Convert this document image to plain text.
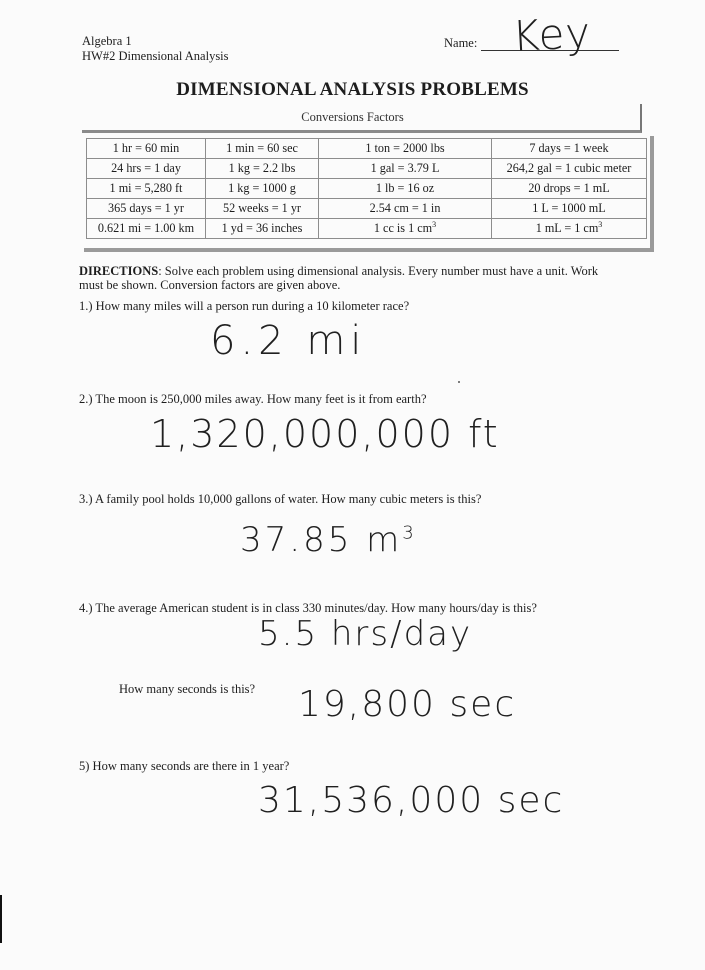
Algebra 1
HW#2 Dimensional Analysis
Name: Key
DIMENSIONAL ANALYSIS PROBLEMS
Conversions Factors
1 hr = 60 min	1 min = 60 sec	1 ton = 2000 lbs	7 days = 1 week
24 hrs = 1 day	1 kg = 2.2 lbs	1 gal = 3.79 L	264,2 gal = 1 cubic meter
1 mi = 5,280 ft	1 kg = 1000 g	1 lb = 16 oz	20 drops = 1 mL
365 days = 1 yr	52 weeks = 1 yr	2.54 cm = 1 in	1 L = 1000 mL
0.621 mi = 1.00 km	1 yd = 36 inches	1 cc is 1 $cm^3$	1 mL = 1 $cm^3$
DIRECTIONS: Solve each problem using dimensional analysis. Every number must have a unit. Work must be shown. Conversion factors are given above.
1.) How many miles will a person run during a 10 kilometer race?
6.2 mi
2.) The moon is 250,000 miles away. How many feet is it from earth?
1,320,000,000 ft
3.) A family pool holds 10,000 gallons of water. How many cubic meters is this?
37.85 $m^3$
4.) The average American student is in class 330 minutes/day. How many hours/day is this?
5.5 hrs/day
How many seconds is this? 19,800 sec
5) How many seconds are there in 1 year?
31,536,000 sec
